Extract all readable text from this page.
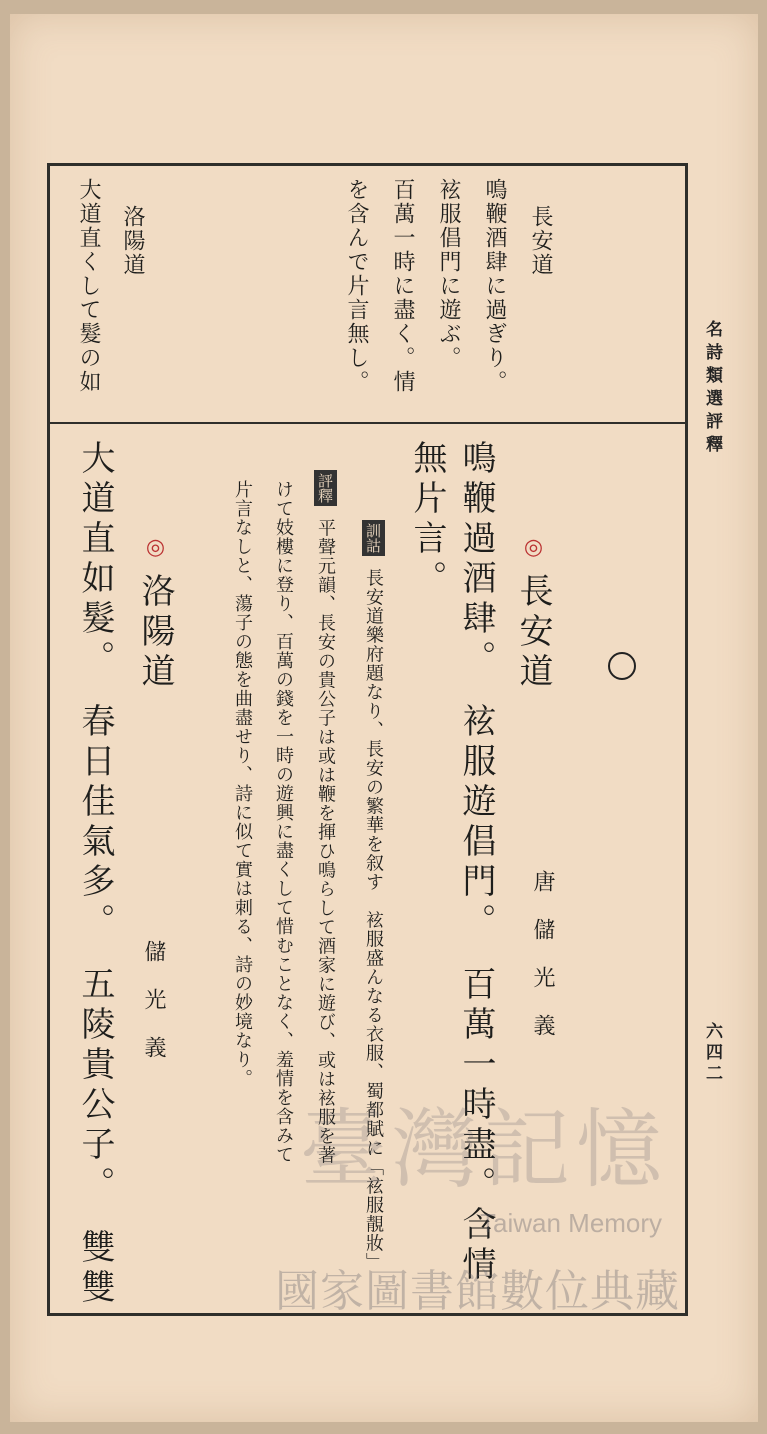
長安道
鳴鞭酒肆に過ぎり。
袨服倡門に遊ぶ。
百萬一時に盡く。情
を含んで片言無し。
洛陽道
大道直くして髮の如
◎ 長安道
唐　儲　光　義
鳴鞭過酒肆。　袨服遊倡門。　百萬一時盡。含情
無片言。
訓詁 長安道樂府題なり、長安の繁華を叙す　袨服盛んなる衣服、蜀都賦に「袨服靚妝」
評釋 平聲元韻、長安の貴公子は或は鞭を揮ひ鳴らして酒家に遊び、或は袨服を著
けて妓樓に登り、百萬の錢を一時の遊興に盡くして惜むことなく、羞情を含みて
片言なしと、蕩子の態を曲盡せり、詩に似て實は刺る、詩の妙境なり。
◎ 洛陽道
儲　光　義
大道直如髮。　春日佳氣多。　五陵貴公子。　雙雙
名詩類選評釋
六四二
臺灣記憶
Taiwan Memory
國家圖書館數位典藏
